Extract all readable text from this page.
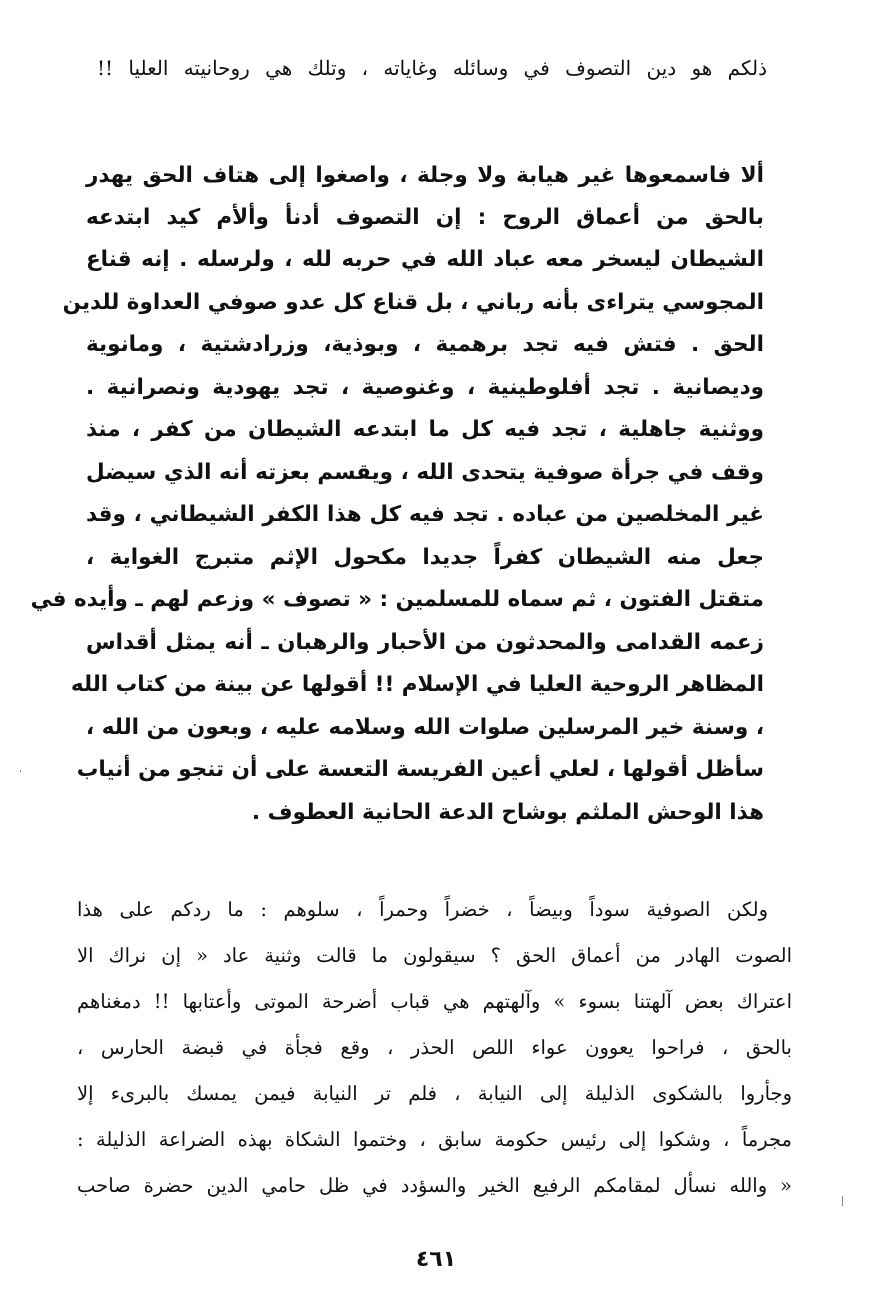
ذلكم هو دين التصوف في وسائله وغاياته ، وتلك هي روحانيته العليا !!
ألا فاسمعوها غير هيابة ولا وجلة ، واصغوا إلى هتاف الحق يهدر
بالحق من أعماق الروح : إن التصوف أدنأ وألأم كيد ابتدعه
الشيطان ليسخر معه عباد الله في حربه لله ، ولرسله . إنه قناع
المجوسي يتراءى بأنه رباني ، بل قناع كل عدو صوفي العداوة للدين
الحق . فتش فيه تجد برهمية ، وبوذية، وزرادشتية ، ومانوية
وديصانية . تجد أفلوطينية ، وغنوصية ، تجد يهودية ونصرانية .
ووثنية جاهلية ، تجد فيه كل ما ابتدعه الشيطان من كفر ، منذ
وقف في جرأة صوفية يتحدى الله ، ويقسم بعزته أنه الذي سيضل
غير المخلصين من عباده . تجد فيه كل هذا الكفر الشيطاني ، وقد
جعل منه الشيطان كفراً جديدا مكحول الإثم متبرج الغواية ،
متقتل الفتون ، ثم سماه للمسلمين : « تصوف » وزعم لهم ـ وأيده في
زعمه القدامى والمحدثون من الأحبار والرهبان ـ أنه يمثل أقداس
المظاهر الروحية العليا في الإسلام !! أقولها عن بينة من كتاب الله
، وسنة خير المرسلين صلوات الله وسلامه عليه ، وبعون من الله ،
سأظل أقولها ، لعلي أعين الفريسة التعسة على أن تنجو من أنياب
هذا الوحش الملثم بوشاح الدعة الحانية العطوف .
ولكن الصوفية سوداً وبيضاً ، خضراً وحمراً ، سلوهم : ما ردكم على هذا
الصوت الهادر من أعماق الحق ؟ سيقولون ما قالت وثنية عاد « إن نراك الا
اعتراك بعض آلهتنا بسوء » وآلهتهم هي قباب أضرحة الموتى وأعتابها !! دمغناهم
بالحق ، فراحوا يعوون عواء اللص الحذر ، وقع فجأة في قبضة الحارس ،
وجأروا بالشكوى الذليلة إلى النيابة ، فلم تر النيابة فيمن يمسك بالبرىء إلا
مجرماً ، وشكوا إلى رئيس حكومة سابق ، وختموا الشكاة بهذه الضراعة الذليلة :
« والله نسأل لمقامكم الرفيع الخير والسؤدد في ظل حامي الدين حضرة صاحب
٤٦١
